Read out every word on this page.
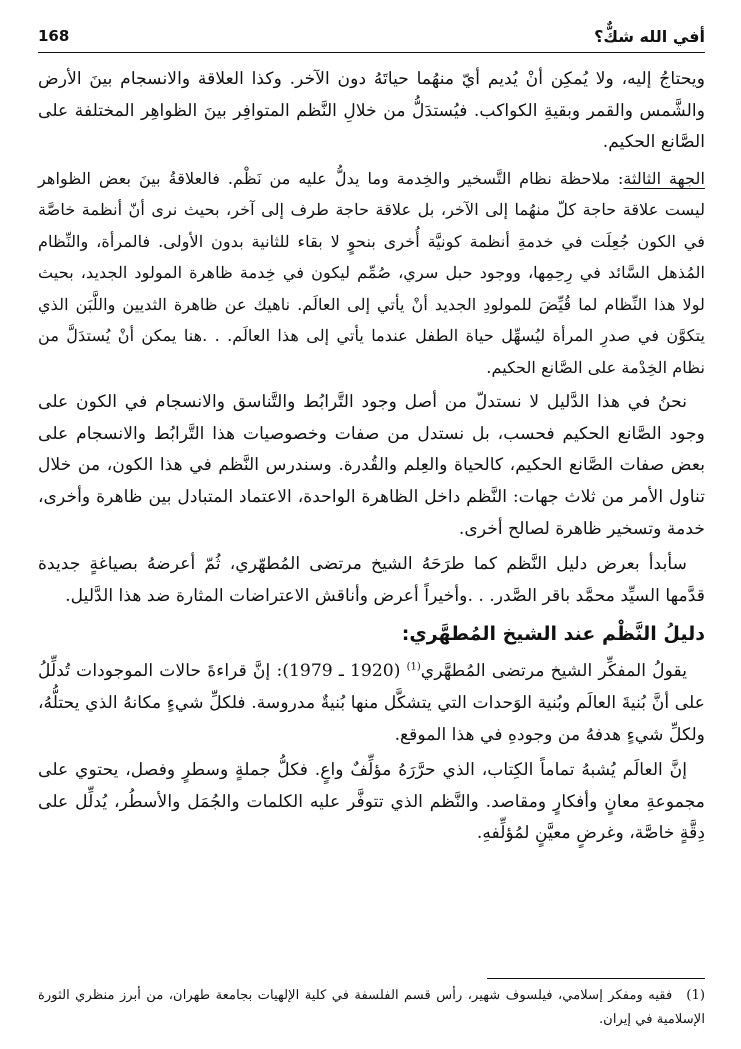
أفي الله شكٌّ؟
168

ويحتاجُ إليه، ولا يُمكِن أنْ يُديم أيّ منهُما حياتَهُ دون الآخر. وكذا العلاقة والانسجام بينَ الأرض والشَّمس والقمر وبقيةِ الكواكب. فيُستدَلُّ من خلالِ النَّظم المتوافِر بينَ الظواهِر المختلفة على الصَّانع الحكيم.

الجهة الثالثة: ملاحظة نظام التَّسخير والخِدمة وما يدلُّ عليه من نَظْم. فالعلاقةُ بينَ بعض الظواهر ليست علاقة حاجة كلّ منهُما إلى الآخر، بل علاقة حاجة طرف إلى آخر، بحيث نرى أنّ أنظمة خاصَّة في الكون جُعِلَت في خدمةِ أنظمة كونيَّة أُخرى بنحوٍ لا بقاء للثانية بدون الأولى. فالمرأة، والنِّظام المُذهل السَّائد في رِحِمِها، ووجود حبل سري، صُمِّم ليكون في خِدمة ظاهرة المولود الجديد، بحيث لولا هذا النِّظام لما قُيِّضَ للمولودِ الجديد أنْ يأتي إلى العالَم. ناهيك عن ظاهرة الثديين واللَّبَن الذي يتكوَّن في صدرِ المرأة ليُسهِّل حياة الطفل عندما يأتي إلى هذا العالَم. . .هنا يمكن أنْ يُستدَلَّ من نظام الخِدْمة على الصَّانع الحكيم.

نحنُ في هذا الدَّليل لا نستدلّ من أصل وجود التَّرابُط والتَّناسق والانسجام في الكون على وجود الصَّانع الحكيم فحسب، بل نستدل من صفات وخصوصيات هذا التَّرابُط والانسجام على بعض صفات الصَّانع الحكيم، كالحياة والعِلم والقُدرة. وسندرس النَّظم في هذا الكون، من خلال تناول الأمر من ثلاث جهات: النَّظم داخل الظاهرة الواحدة، الاعتماد المتبادل بين ظاهرة وأخرى، خدمة وتسخير ظاهرة لصالح أخرى.

سأبدأ بعرض دليل النَّظم كما طرَحَهُ الشيخ مرتضى المُطهّري، ثُمّ أعرضهُ بصياغةٍ جديدة قدَّمها السيِّد محمَّد باقر الصَّدر. . .وأخيراً أعرض وأناقش الاعتراضات المثارة ضد هذا الدَّليل.

دليلُ النَّظْم عند الشيخ المُطهَّري:

يقولُ المفكِّر الشيخ مرتضى المُطهَّري$^{(1)}$ (1920 ـ 1979): إنَّ قراءةَ حالات الموجودات تُدلِّلُ على أنَّ بُنيةَ العالَم وبُنية الوَحدات التي يتشكَّل منها بُنيةٌ مدروسة. فلكلِّ شيءٍ مكانهُ الذي يحتلُّهُ، ولكلِّ شيءٍ هدفهُ من وجودهِ في هذا الموقع.

إنَّ العالَم يُشبهُ تماماً الكِتاب، الذي حرَّرَهُ مؤلِّفٌ واعٍ. فكلُّ جملةٍ وسطرٍ وفصل، يحتوي على مجموعةِ معانٍ وأفكارٍ ومقاصد. والنَّظم الذي تتوفَّر عليه الكلمات والجُمَل والأسطُر، يُدلِّل على دِقَّةٍ خاصَّة، وغرضٍ معيَّنٍ لمُؤلِّفهِ.

(1)فقيه ومفكر إسلامي، فيلسوف شهير، رأس قسم الفلسفة في كلية الإلهيات بجامعة طهران، من أبرز منظري الثورة الإسلامية في إيران.
